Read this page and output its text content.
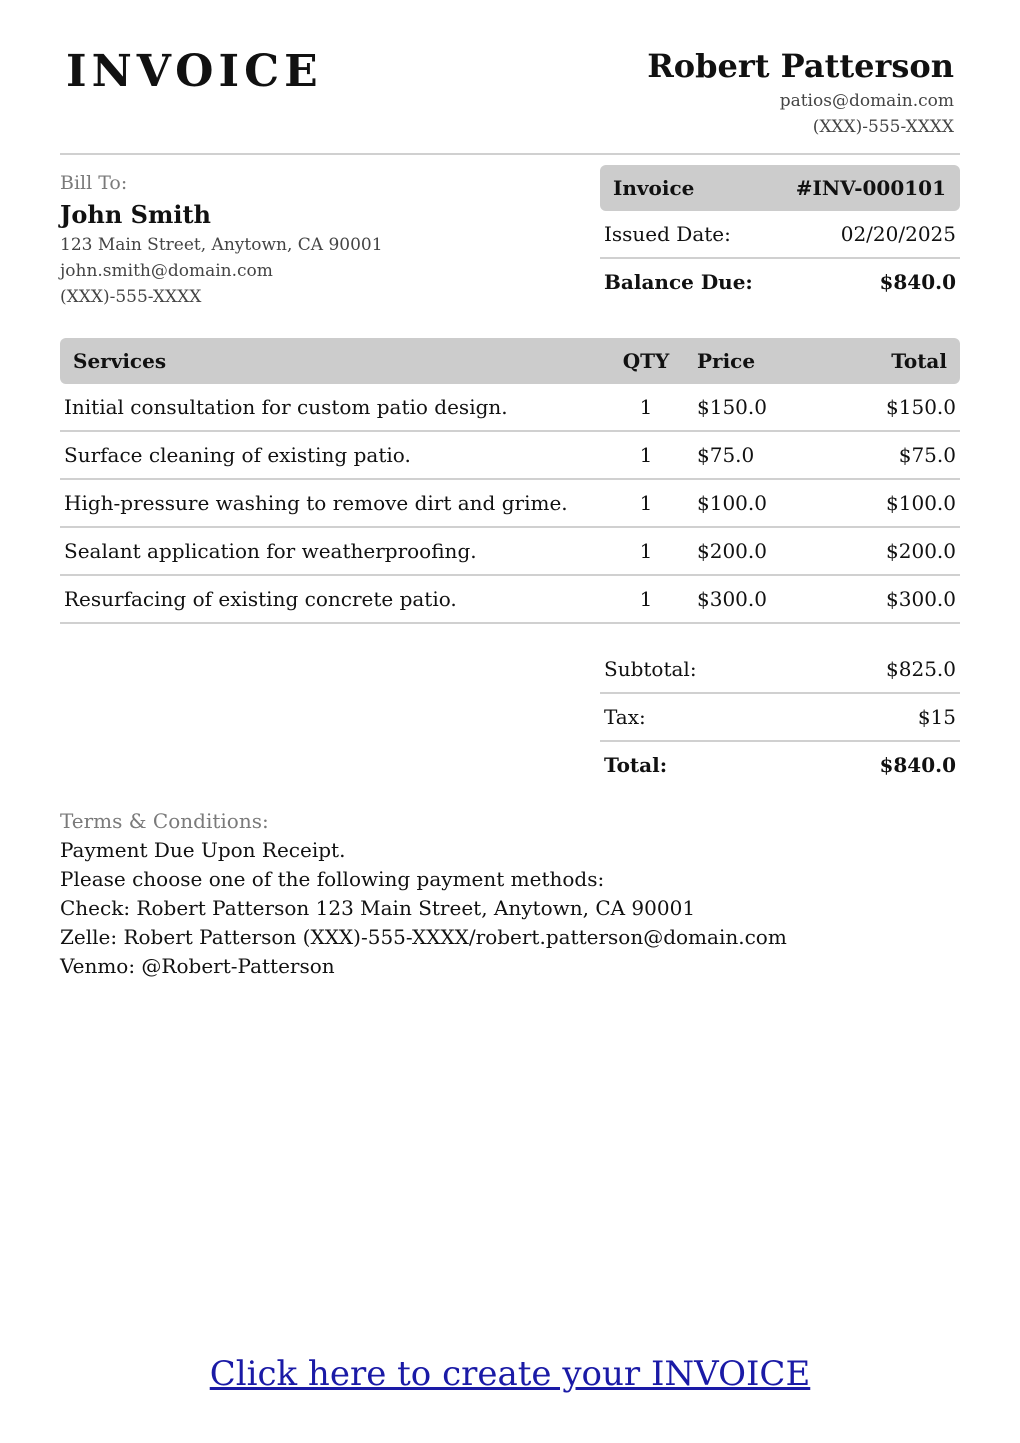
INVOICE	Robert Patterson
patios@domain.com
(XXX)-555-XXXX
Bill To:
John Smith
123 Main Street, Anytown, CA 90001
john.smith@domain.com
(XXX)-555-XXXX
Invoice	#INV-000101
Issued Date:	02/20/2025
Balance Due:	$840.0
Services	QTY Price	Total
Initial consultation for custom patio design.	1	$150.0	$150.0
Surface cleaning of existing patio.	1	$75.0	$75.0
High-pressure washing to remove dirt and grime.	1	$100.0	$100.0
Sealant application for weatherproofing.	1	$200.0	$200.0
Resurfacing of existing concrete patio.	1	$300.0	$300.0
Subtotal:	$825.0
Tax:	$15
Total:	$840.0
Terms & Conditions:
Payment Due Upon Receipt.
Please choose one of the following payment methods:
Check: Robert Patterson 123 Main Street, Anytown, CA 90001
Zelle: Robert Patterson (XXX)-555-XXXX/robert.patterson@domain.com
Venmo: @Robert-Patterson
Click here to create your INVOICE
